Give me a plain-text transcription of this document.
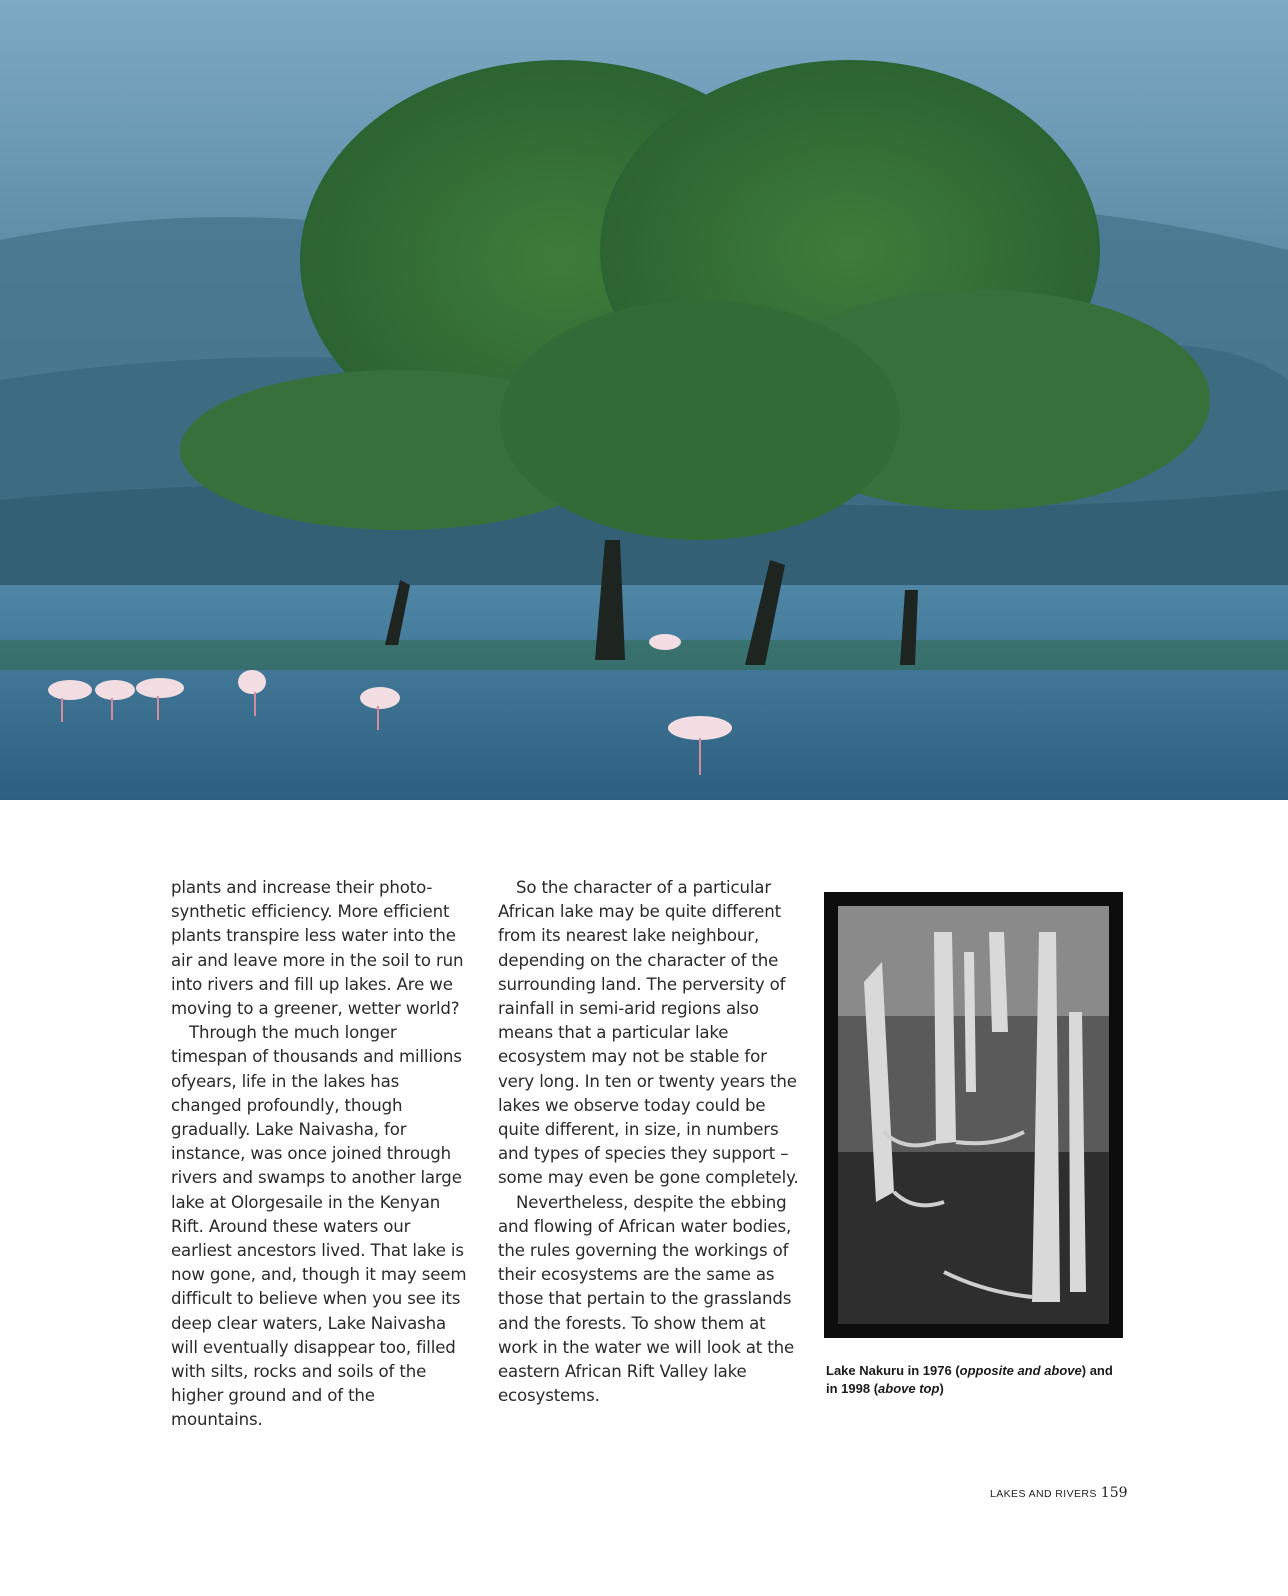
plants and increase their photo-synthetic efficiency. More efficient plants transpire less water into the air and leave more in the soil to run into rivers and fill up lakes. Are we moving to a greener, wetter world?

Through the much longer timespan of thousands and millions ofyears, life in the lakes has changed profoundly, though gradually. Lake Naivasha, for instance, was once joined through rivers and swamps to another large lake at Olorgesaile in the Kenyan Rift. Around these waters our earliest ancestors lived. That lake is now gone, and, though it may seem difficult to believe when you see its deep clear waters, Lake Naivasha will eventually disappear too, filled with silts, rocks and soils of the higher ground and of the mountains.

So the character of a particular African lake may be quite different from its nearest lake neighbour, depending on the character of the surrounding land. The perversity of rainfall in semi-arid regions also means that a particular lake ecosystem may not be stable for very long. In ten or twenty years the lakes we observe today could be quite different, in size, in numbers and types of species they support – some may even be gone completely.

Nevertheless, despite the ebbing and flowing of African water bodies, the rules governing the workings of their ecosystems are the same as those that pertain to the grasslands and the forests. To show them at work in the water we will look at the eastern African Rift Valley lake ecosystems.

Lake Nakuru in 1976 (opposite and above) and in 1998 (above top)
LAKES AND RIVERS 159
